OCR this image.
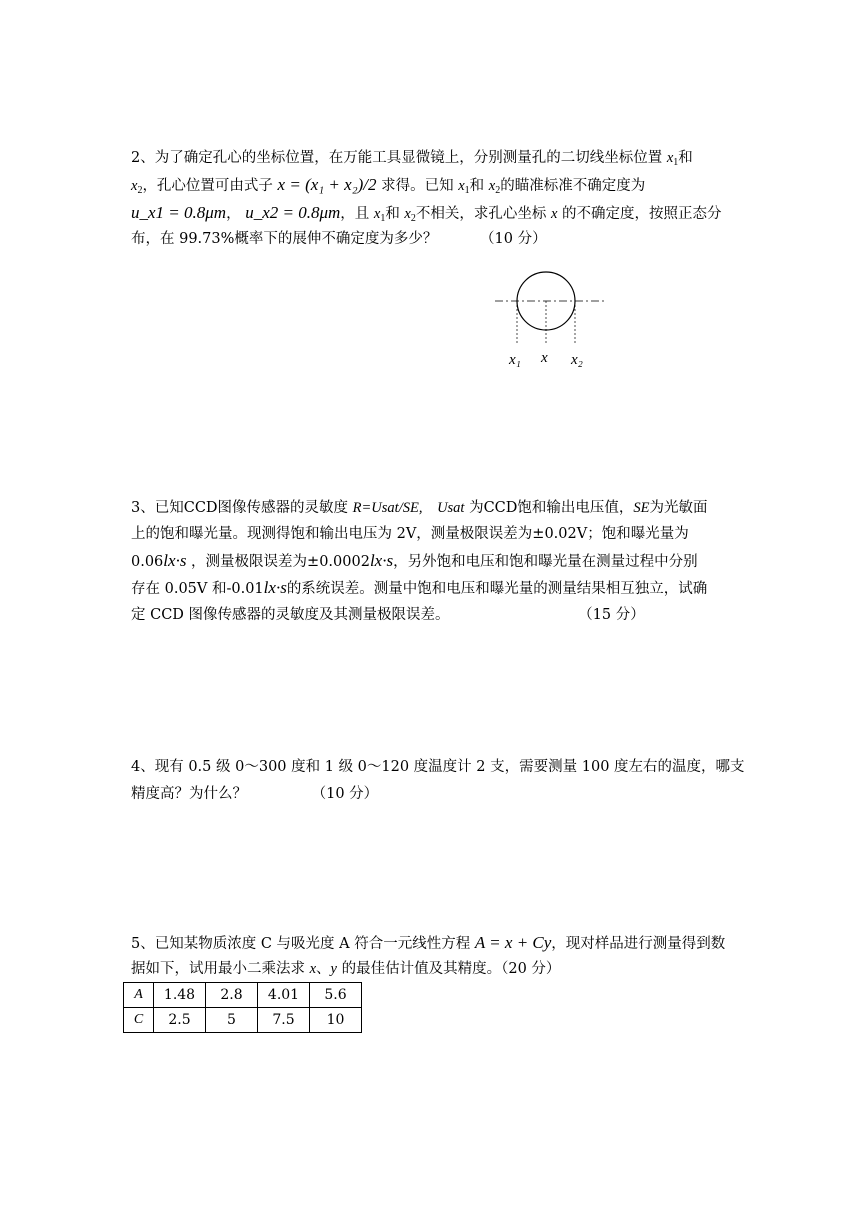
2、为了确定孔心的坐标位置，在万能工具显微镜上，分别测量孔的二切线坐标位置 $x_1$和
$x_2$，孔心位置可由式子 x = (x₁ + x₂)/2 求得。已知 $x_1$和 $x_2$的瞄准标准不确定度为
u_x1 = 0.8μm， u_x2 = 0.8μm，且 $x_1$和 $x_2$不相关，求孔心坐标 x 的不确定度，按照正态分
布，在 99.73%概率下的展伸不确定度为多少？	（10 分）
x₁ x x₂
3、已知CCD图像传感器的灵敏度 R=Usat/SE, Usat 为CCD饱和输出电压值，SE为光敏面
上的饱和曝光量。现测得饱和输出电压为 2V，测量极限误差为±0.02V；饱和曝光量为
0.06lx·s ，测量极限误差为±0.0002lx·s，另外饱和电压和饱和曝光量在测量过程中分别
存在 0.05V 和-0.01lx·s的系统误差。测量中饱和电压和曝光量的测量结果相互独立，试确
定 CCD 图像传感器的灵敏度及其测量极限误差。	（15 分）
4、现有 0.5 级 0～300 度和 1 级 0～120 度温度计 2 支，需要测量 100 度左右的温度，哪支
精度高？为什么？	（10 分）
5、已知某物质浓度 C 与吸光度 A 符合一元线性方程 A = x + Cy，现对样品进行测量得到数
据如下，试用最小二乘法求 x、y 的最佳估计值及其精度。（20 分）
A	1.48	2.8	4.01	5.6
C	2.5	5	7.5	10
